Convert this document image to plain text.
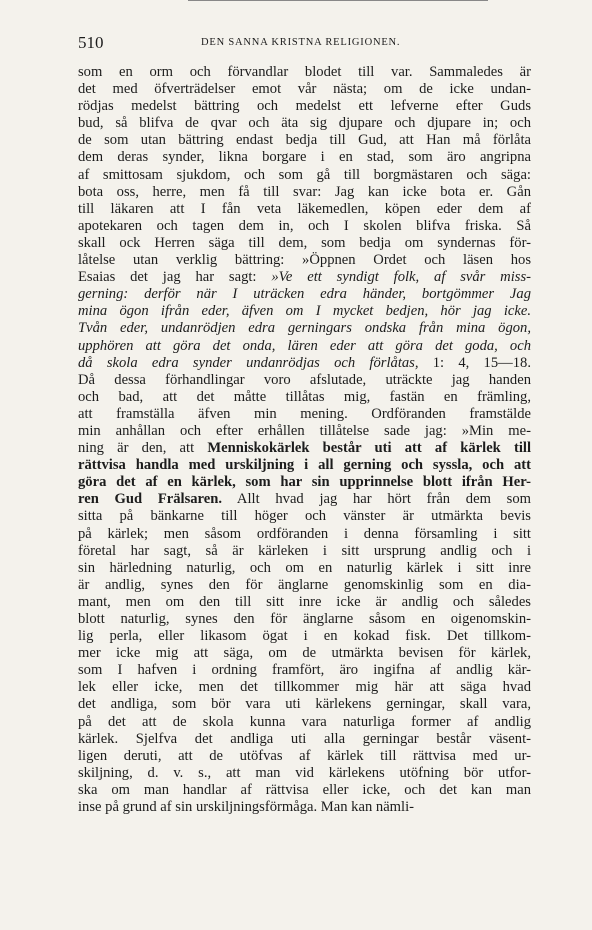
510	DEN SANNA KRISTNA RELIGIONEN.
som en orm och förvandlar blodet till var. Sammaledes är
det med öfverträdelser emot vår nästa; om de icke undan-
rödjas medelst bättring och medelst ett lefverne efter Guds
bud, så blifva de qvar och äta sig djupare och djupare in; och
de som utan bättring endast bedja till Gud, att Han må förlåta
dem deras synder, likna borgare i en stad, som äro angripna
af smittosam sjukdom, och som gå till borgmästaren och säga:
bota oss, herre, men få till svar: Jag kan icke bota er. Gån
till läkaren att I fån veta läkemedlen, köpen eder dem af
apotekaren och tagen dem in, och I skolen blifva friska. Så
skall ock Herren säga till dem, som bedja om syndernas för-
låtelse utan verklig bättring: »Öppnen Ordet och läsen hos
Esaias det jag har sagt: »Ve ett syndigt folk, af svår miss-
gerning: derför när I uträcken edra händer, bortgömmer Jag
mina ögon ifrån eder, äfven om I mycket bedjen, hör jag icke.
Tvån eder, undanrödjen edra gerningars ondska från mina ögon,
upphören att göra det onda, lären eder att göra det goda, och
då skola edra synder undanrödjas och förlåtas, 1: 4, 15—18.
Då dessa förhandlingar voro afslutade, uträckte jag handen
och bad, att det måtte tillåtas mig, fastän en främling,
att framställa äfven min mening. Ordföranden framstälde
min anhållan och efter erhållen tillåtelse sade jag: »Min me-
ning är den, att Menniskokärlek består uti att af kärlek till
rättvisa handla med urskiljning i all gerning och syssla, och att
göra det af en kärlek, som har sin upprinnelse blott ifrån Her-
ren Gud Frälsaren. Allt hvad jag har hört från dem som
sitta på bänkarne till höger och vänster är utmärkta bevis
på kärlek; men såsom ordföranden i denna församling i sitt
företal har sagt, så är kärleken i sitt ursprung andlig och i
sin härledning naturlig, och om en naturlig kärlek i sitt inre
är andlig, synes den för änglarne genomskinlig som en dia-
mant, men om den till sitt inre icke är andlig och således
blott naturlig, synes den för änglarne såsom en oigenomskin-
lig perla, eller likasom ögat i en kokad fisk. Det tillkom-
mer icke mig att säga, om de utmärkta bevisen för kärlek,
som I hafven i ordning framfört, äro ingifna af andlig kär-
lek eller icke, men det tillkommer mig här att säga hvad
det andliga, som bör vara uti kärlekens gerningar, skall vara,
på det att de skola kunna vara naturliga former af andlig
kärlek. Sjelfva det andliga uti alla gerningar består väsent-
ligen deruti, att de utöfvas af kärlek till rättvisa med ur-
skiljning, d. v. s., att man vid kärlekens utöfning bör utfor-
ska om man handlar af rättvisa eller icke, och det kan man
inse på grund af sin urskiljningsförmåga. Man kan nämli-
